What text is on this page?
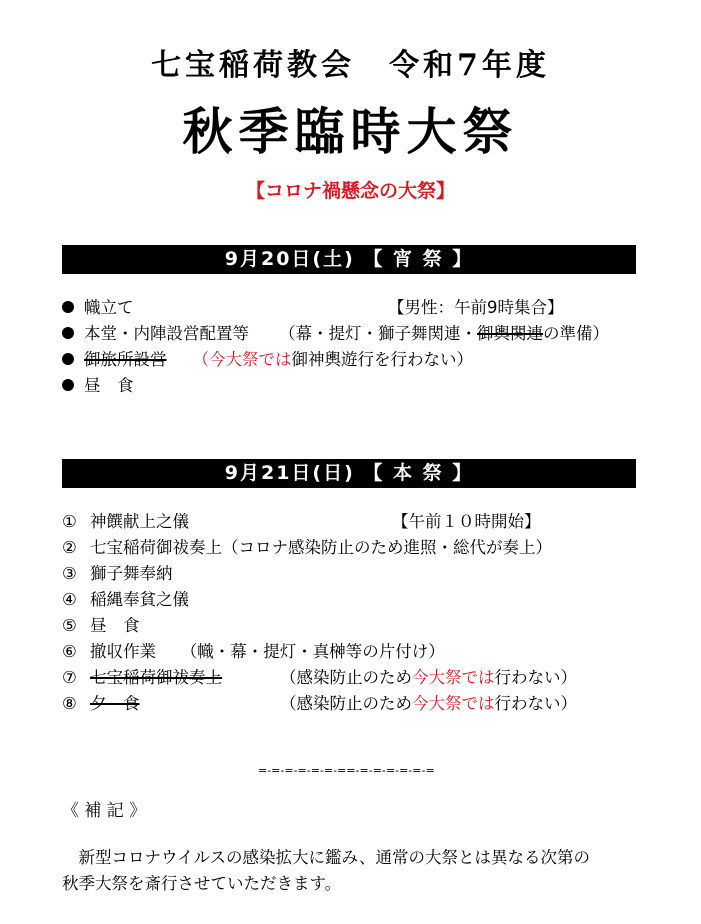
七宝稲荷教会 令和7年度
秋季臨時大祭
【コロナ禍懸念の大祭】
9月20日(土) 【 宵 祭 】
幟立て	【男性：午前9時集合】
本堂・内陣設営配置等 （幕・提灯・獅子舞関連・御輿関連の準備）
御旅所設営 （今大祭では御神輿遊行を行わない）
昼　食
9月21日(日) 【 本 祭 】
① 神饌献上之儀	【午前１０時開始】
② 七宝稲荷御祓奏上（コロナ感染防止のため進照・総代が奏上）
③ 獅子舞奉納
④ 稲縄奉貧之儀
⑤ 昼　食
⑥ 撤収作業　　（幟・幕・提灯・真榊等の片付け）
⑦ 七宝稲荷御祓奏上	（感染防止のため今大祭では行わない）
⑧ 夕　食	（感染防止のため今大祭では行わない）
=-=-=-=-=-=-==-=-=-=-=-=-=
《 補 記 》
　新型コロナウイルスの感染拡大に鑑み、通常の大祭とは異なる次第の
秋季大祭を斎行させていただきます。
